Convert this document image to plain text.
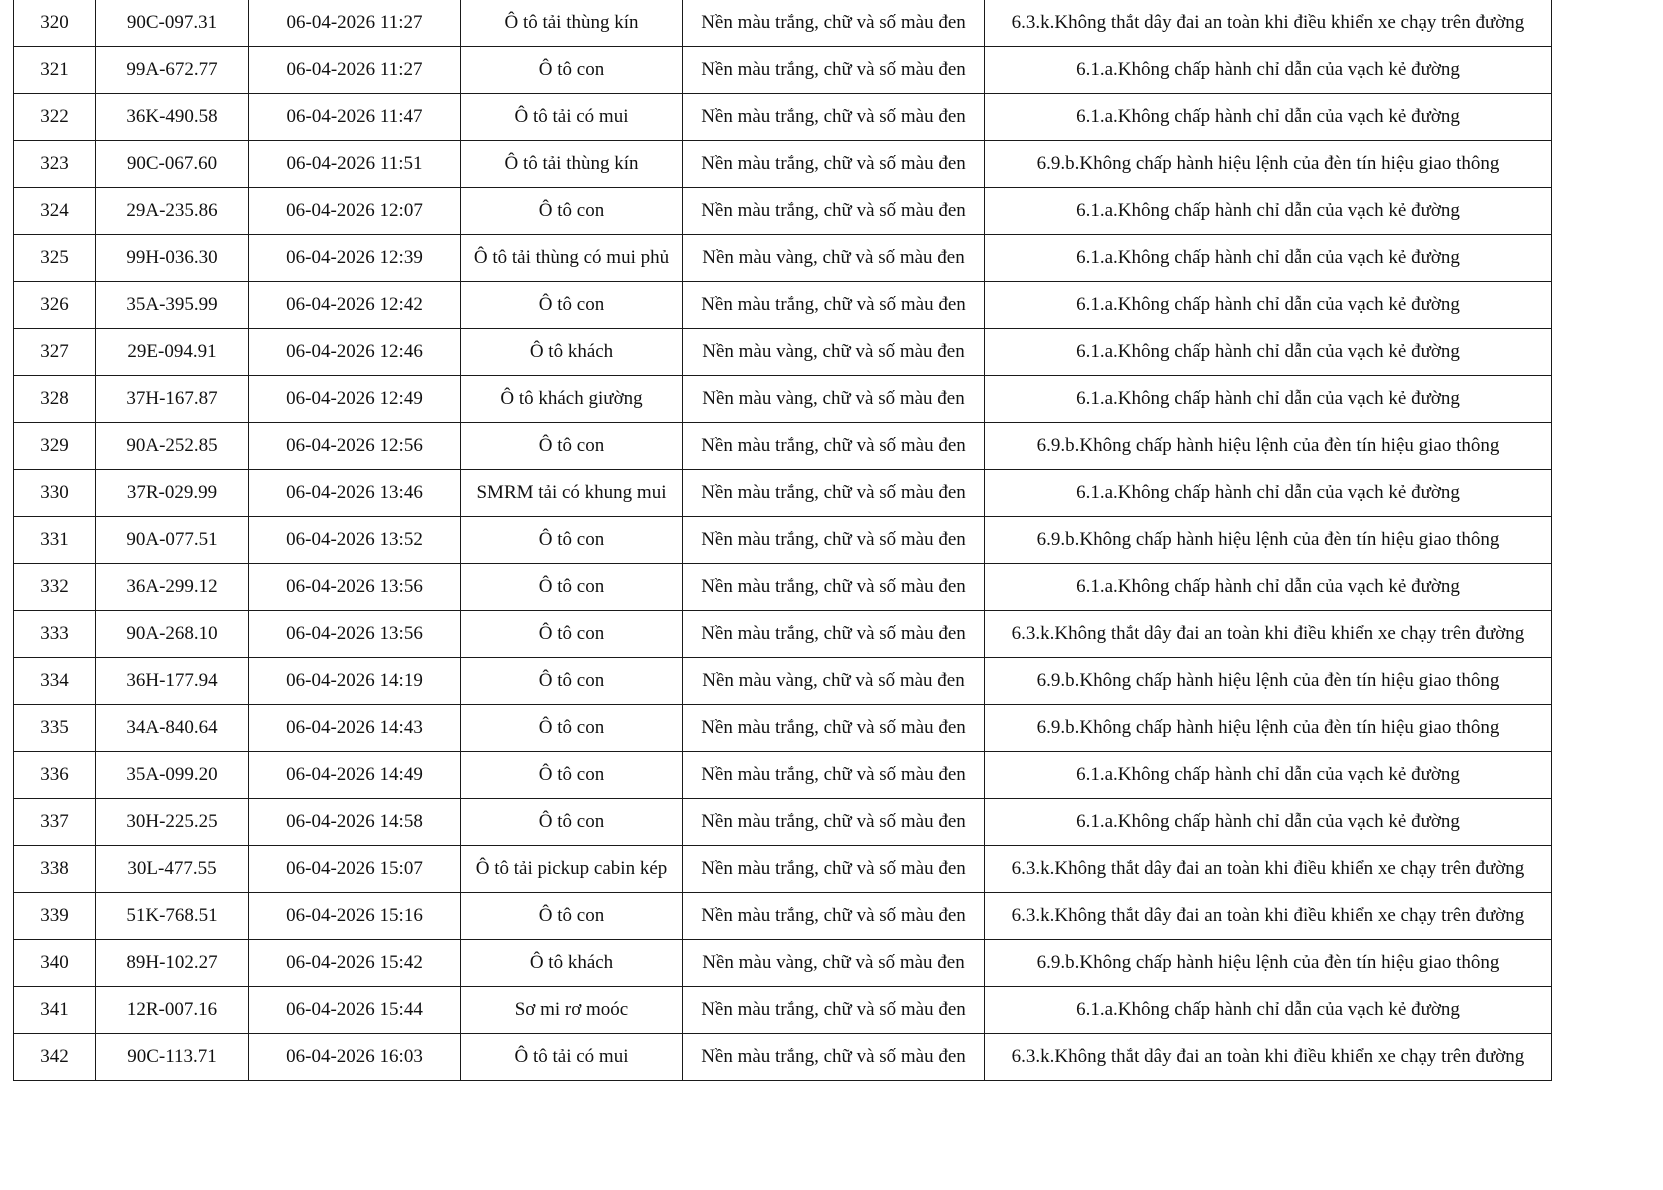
320	90C-097.31	06-04-2026 11:27	Ô tô tải thùng kín	Nền màu trắng, chữ và số màu đen	6.3.k.Không thắt dây đai an toàn khi điều khiển xe chạy trên đường
321	99A-672.77	06-04-2026 11:27	Ô tô con	Nền màu trắng, chữ và số màu đen	6.1.a.Không chấp hành chỉ dẫn của vạch kẻ đường
322	36K-490.58	06-04-2026 11:47	Ô tô tải có mui	Nền màu trắng, chữ và số màu đen	6.1.a.Không chấp hành chỉ dẫn của vạch kẻ đường
323	90C-067.60	06-04-2026 11:51	Ô tô tải thùng kín	Nền màu trắng, chữ và số màu đen	6.9.b.Không chấp hành hiệu lệnh của đèn tín hiệu giao thông
324	29A-235.86	06-04-2026 12:07	Ô tô con	Nền màu trắng, chữ và số màu đen	6.1.a.Không chấp hành chỉ dẫn của vạch kẻ đường
325	99H-036.30	06-04-2026 12:39	Ô tô tải thùng có mui phủ	Nền màu vàng, chữ và số màu đen	6.1.a.Không chấp hành chỉ dẫn của vạch kẻ đường
326	35A-395.99	06-04-2026 12:42	Ô tô con	Nền màu trắng, chữ và số màu đen	6.1.a.Không chấp hành chỉ dẫn của vạch kẻ đường
327	29E-094.91	06-04-2026 12:46	Ô tô khách	Nền màu vàng, chữ và số màu đen	6.1.a.Không chấp hành chỉ dẫn của vạch kẻ đường
328	37H-167.87	06-04-2026 12:49	Ô tô khách giường	Nền màu vàng, chữ và số màu đen	6.1.a.Không chấp hành chỉ dẫn của vạch kẻ đường
329	90A-252.85	06-04-2026 12:56	Ô tô con	Nền màu trắng, chữ và số màu đen	6.9.b.Không chấp hành hiệu lệnh của đèn tín hiệu giao thông
330	37R-029.99	06-04-2026 13:46	SMRM tải có khung mui	Nền màu trắng, chữ và số màu đen	6.1.a.Không chấp hành chỉ dẫn của vạch kẻ đường
331	90A-077.51	06-04-2026 13:52	Ô tô con	Nền màu trắng, chữ và số màu đen	6.9.b.Không chấp hành hiệu lệnh của đèn tín hiệu giao thông
332	36A-299.12	06-04-2026 13:56	Ô tô con	Nền màu trắng, chữ và số màu đen	6.1.a.Không chấp hành chỉ dẫn của vạch kẻ đường
333	90A-268.10	06-04-2026 13:56	Ô tô con	Nền màu trắng, chữ và số màu đen	6.3.k.Không thắt dây đai an toàn khi điều khiển xe chạy trên đường
334	36H-177.94	06-04-2026 14:19	Ô tô con	Nền màu vàng, chữ và số màu đen	6.9.b.Không chấp hành hiệu lệnh của đèn tín hiệu giao thông
335	34A-840.64	06-04-2026 14:43	Ô tô con	Nền màu trắng, chữ và số màu đen	6.9.b.Không chấp hành hiệu lệnh của đèn tín hiệu giao thông
336	35A-099.20	06-04-2026 14:49	Ô tô con	Nền màu trắng, chữ và số màu đen	6.1.a.Không chấp hành chỉ dẫn của vạch kẻ đường
337	30H-225.25	06-04-2026 14:58	Ô tô con	Nền màu trắng, chữ và số màu đen	6.1.a.Không chấp hành chỉ dẫn của vạch kẻ đường
338	30L-477.55	06-04-2026 15:07	Ô tô tải pickup cabin kép	Nền màu trắng, chữ và số màu đen	6.3.k.Không thắt dây đai an toàn khi điều khiển xe chạy trên đường
339	51K-768.51	06-04-2026 15:16	Ô tô con	Nền màu trắng, chữ và số màu đen	6.3.k.Không thắt dây đai an toàn khi điều khiển xe chạy trên đường
340	89H-102.27	06-04-2026 15:42	Ô tô khách	Nền màu vàng, chữ và số màu đen	6.9.b.Không chấp hành hiệu lệnh của đèn tín hiệu giao thông
341	12R-007.16	06-04-2026 15:44	Sơ mi rơ moóc	Nền màu trắng, chữ và số màu đen	6.1.a.Không chấp hành chỉ dẫn của vạch kẻ đường
342	90C-113.71	06-04-2026 16:03	Ô tô tải có mui	Nền màu trắng, chữ và số màu đen	6.3.k.Không thắt dây đai an toàn khi điều khiển xe chạy trên đường
